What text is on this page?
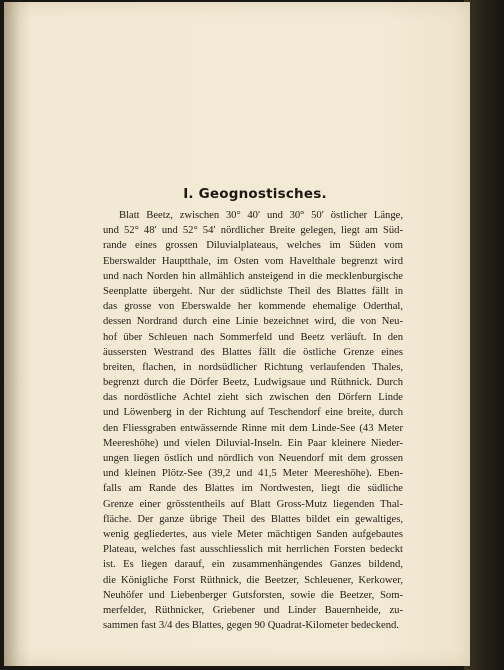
I. Geognostisches.
Blatt Beetz, zwischen 30° 40′ und 30° 50′ östlicher Länge,
und 52° 48′ und 52° 54′ nördlicher Breite gelegen, liegt am Süd-
rande eines grossen Diluvialplateaus, welches im Süden vom
Eberswalder Hauptthale, im Osten vom Havelthale begrenzt wird
und nach Norden hin allmählich ansteigend in die mecklenburgische
Seenplatte übergeht. Nur der südlichste Theil des Blattes fällt in
das grosse von Eberswalde her kommende ehemalige Oderthal,
dessen Nordrand durch eine Linie bezeichnet wird, die von Neu-
hof über Schleuen nach Sommerfeld und Beetz verläuft. In den
äussersten Westrand des Blattes fällt die östliche Grenze eines
breiten, flachen, in nordsüdlicher Richtung verlaufenden Thales,
begrenzt durch die Dörfer Beetz, Ludwigsaue und Rüthnick. Durch
das nordöstliche Achtel zieht sich zwischen den Dörfern Linde
und Löwenberg in der Richtung auf Teschendorf eine breite, durch
den Fliessgraben entwässernde Rinne mit dem Linde-See (43 Meter
Meereshöhe) und vielen Diluvial-Inseln. Ein Paar kleinere Nieder-
ungen liegen östlich und nördlich von Neuendorf mit dem grossen
und kleinen Plötz-See (39,2 und 41,5 Meter Meereshöhe). Eben-
falls am Rande des Blattes im Nordwesten, liegt die südliche
Grenze einer grösstentheils auf Blatt Gross-Mutz liegenden Thal-
fläche. Der ganze übrige Theil des Blattes bildet ein gewaltiges,
wenig gegliedertes, aus viele Meter mächtigen Sanden aufgebautes
Plateau, welches fast ausschliesslich mit herrlichen Forsten bedeckt
ist. Es liegen darauf, ein zusammenhängendes Ganzes bildend,
die Königliche Forst Rüthnick, die Beetzer, Schleuener, Kerkower,
Neuhöfer und Liebenberger Gutsforsten, sowie die Beetzer, Som-
merfelder, Rüthnicker, Griebener und Linder Bauernheide, zu-
sammen fast 3/4 des Blattes, gegen 90 Quadrat-Kilometer bedeckend.
